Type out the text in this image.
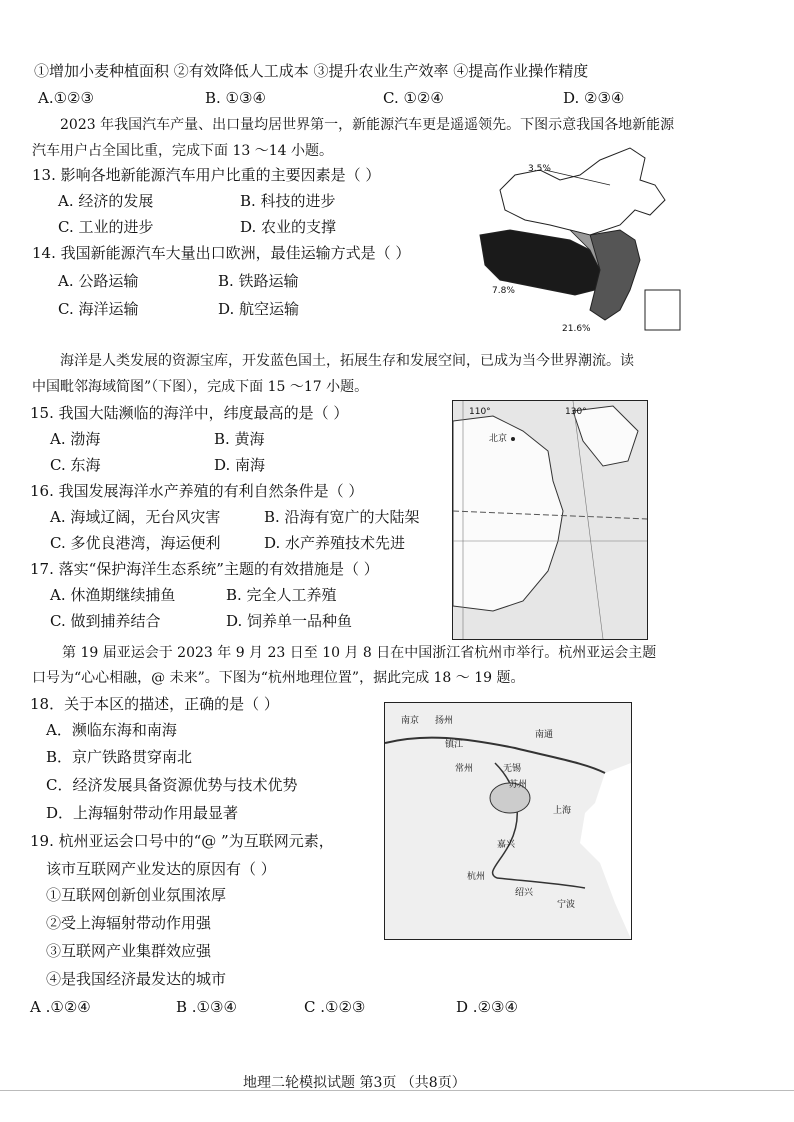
①增加小麦种植面积 ②有效降低人工成本 ③提升农业生产效率 ④提高作业操作精度
A.①②③	B. ①③④	C. ①②④	D. ②③④
2023 年我国汽车产量、出口量均居世界第一，新能源汽车更是遥遥领先。下图示意我国各地新能源
汽车用户占全国比重，完成下面 13 ～14 小题。
13. 影响各地新能源汽车用户比重的主要因素是（ ）
A. 经济的发展	B. 科技的进步
C. 工业的进步	D. 农业的支撑
14. 我国新能源汽车大量出口欧洲，最佳运输方式是（ ）
A. 公路运输	B. 铁路运输
C. 海洋运输	D. 航空运输
3.5%
7.8%
21.6%
海洋是人类发展的资源宝库，开发蓝色国土，拓展生存和发展空间，已成为当今世界潮流。读
中国毗邻海域简图”（下图），完成下面 15 ～17 小题。
15. 我国大陆濒临的海洋中，纬度最高的是（ ）
A. 渤海	B. 黄海
C. 东海	D. 南海
16. 我国发展海洋水产养殖的有利自然条件是（ ）
A. 海域辽阔，无台风灾害	B. 沿海有宽广的大陆架
C. 多优良港湾，海运便利	D. 水产养殖技术先进
17. 落实“保护海洋生态系统”主题的有效措施是（ ）
A. 休渔期继续捕鱼	B. 完全人工养殖
C. 做到捕养结合	D. 饲养单一品种鱼
110°	130°
北京
第 19 届亚运会于 2023 年 9 月 23 日至 10 月 8 日在中国浙江省杭州市举行。杭州亚运会主题
口号为“心心相融，@ 未来”。下图为“杭州地理位置”，据此完成 18 ～ 19 题。
18．关于本区的描述，正确的是（ ）
A．濒临东海和南海
B．京广铁路贯穿南北
C．经济发展具备资源优势与技术优势
D．上海辐射带动作用最显著
19. 杭州亚运会口号中的“@ ”为互联网元素，
该市互联网产业发达的原因有（ ）
①互联网创新创业氛围浓厚
②受上海辐射带动作用强
③互联网产业集群效应强
④是我国经济最发达的城市
A .①②④	B .①③④	C .①②③	D .②③④
南京 扬州
镇江
南通
常州	无锡
苏州
上海
嘉兴
杭州
绍兴
宁波
地理二轮模拟试题 第3页 （共8页）
